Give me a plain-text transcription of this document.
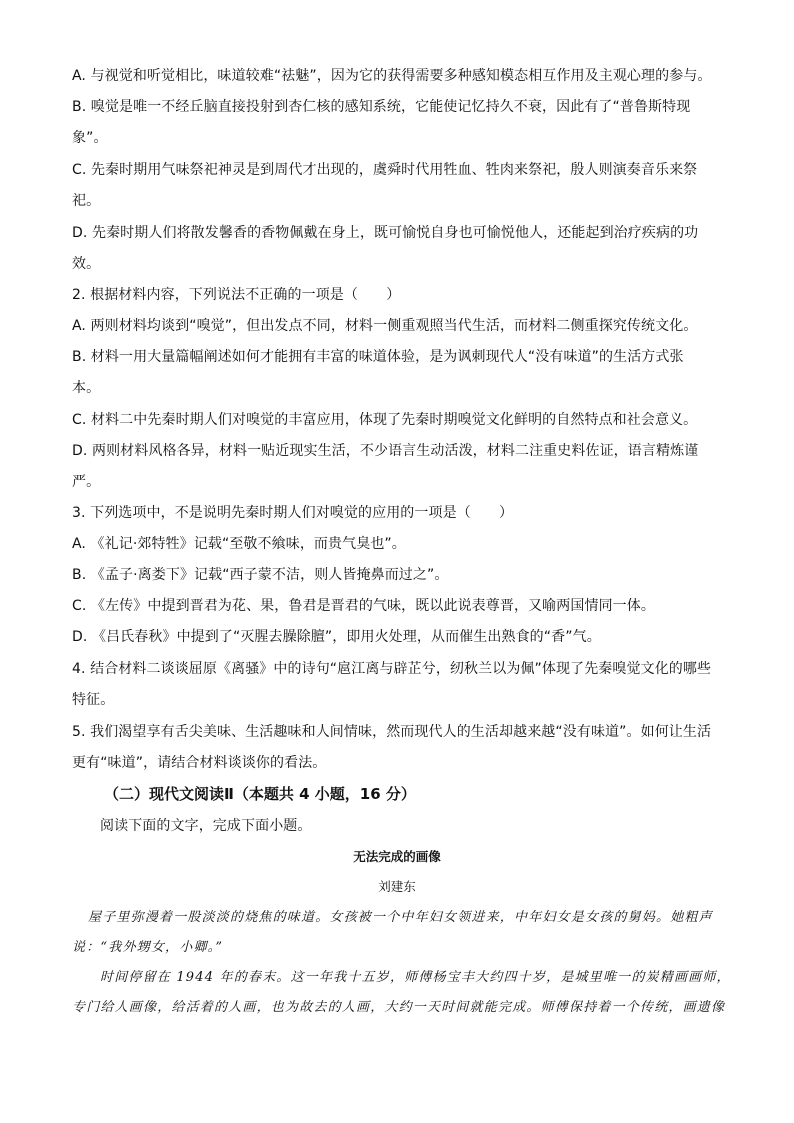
A. 与视觉和听觉相比，味道较难“祛魅”，因为它的获得需要多种感知模态相互作用及主观心理的参与。
B. 嗅觉是唯一不经丘脑直接投射到杏仁核的感知系统，它能使记忆持久不衰，因此有了“普鲁斯特现
象”。
C. 先秦时期用气味祭祀神灵是到周代才出现的，虞舜时代用牲血、牲肉来祭祀，殷人则演奏音乐来祭
祀。
D. 先秦时期人们将散发馨香的香物佩戴在身上，既可愉悦自身也可愉悦他人，还能起到治疗疾病的功
效。
2. 根据材料内容，下列说法不正确的一项是（　　）
A. 两则材料均谈到“嗅觉”，但出发点不同，材料一侧重观照当代生活，而材料二侧重探究传统文化。
B. 材料一用大量篇幅阐述如何才能拥有丰富的味道体验，是为讽刺现代人“没有味道”的生活方式张
本。
C. 材料二中先秦时期人们对嗅觉的丰富应用，体现了先秦时期嗅觉文化鲜明的自然特点和社会意义。
D. 两则材料风格各异，材料一贴近现实生活，不少语言生动活泼，材料二注重史料佐证，语言精炼谨
严。
3. 下列选项中，不是说明先秦时期人们对嗅觉的应用的一项是（　　）
A. 《礼记·郊特牲》记载“至敬不飨味，而贵气臭也”。
B. 《孟子·离娄下》记载“西子蒙不洁，则人皆掩鼻而过之”。
C. 《左传》中提到晋君为花、果，鲁君是晋君的气味，既以此说表尊晋，又喻两国情同一体。
D. 《吕氏春秋》中提到了“灭腥去臊除膻”，即用火处理，从而催生出熟食的“香”气。
4. 结合材料二谈谈屈原《离骚》中的诗句“扈江离与辟芷兮，纫秋兰以为佩”体现了先秦嗅觉文化的哪些
特征。
5. 我们渴望享有舌尖美味、生活趣味和人间情味，然而现代人的生活却越来越“没有味道”。如何让生活
更有“味道”，请结合材料谈谈你的看法。
（二）现代文阅读Ⅱ（本题共 4 小题，16 分）
阅读下面的文字，完成下面小题。
无法完成的画像
刘建东
屋子里弥漫着一股淡淡的烧焦的味道。女孩被一个中年妇女领进来，中年妇女是女孩的舅妈。她粗声
说：“我外甥女，小卿。”
时间停留在 1944 年的春末。这一年我十五岁，师傅杨宝丰大约四十岁，是城里唯一的炭精画画师，
专门给人画像，给活着的人画，也为故去的人画，大约一天时间就能完成。师傅保持着一个传统，画遗像
